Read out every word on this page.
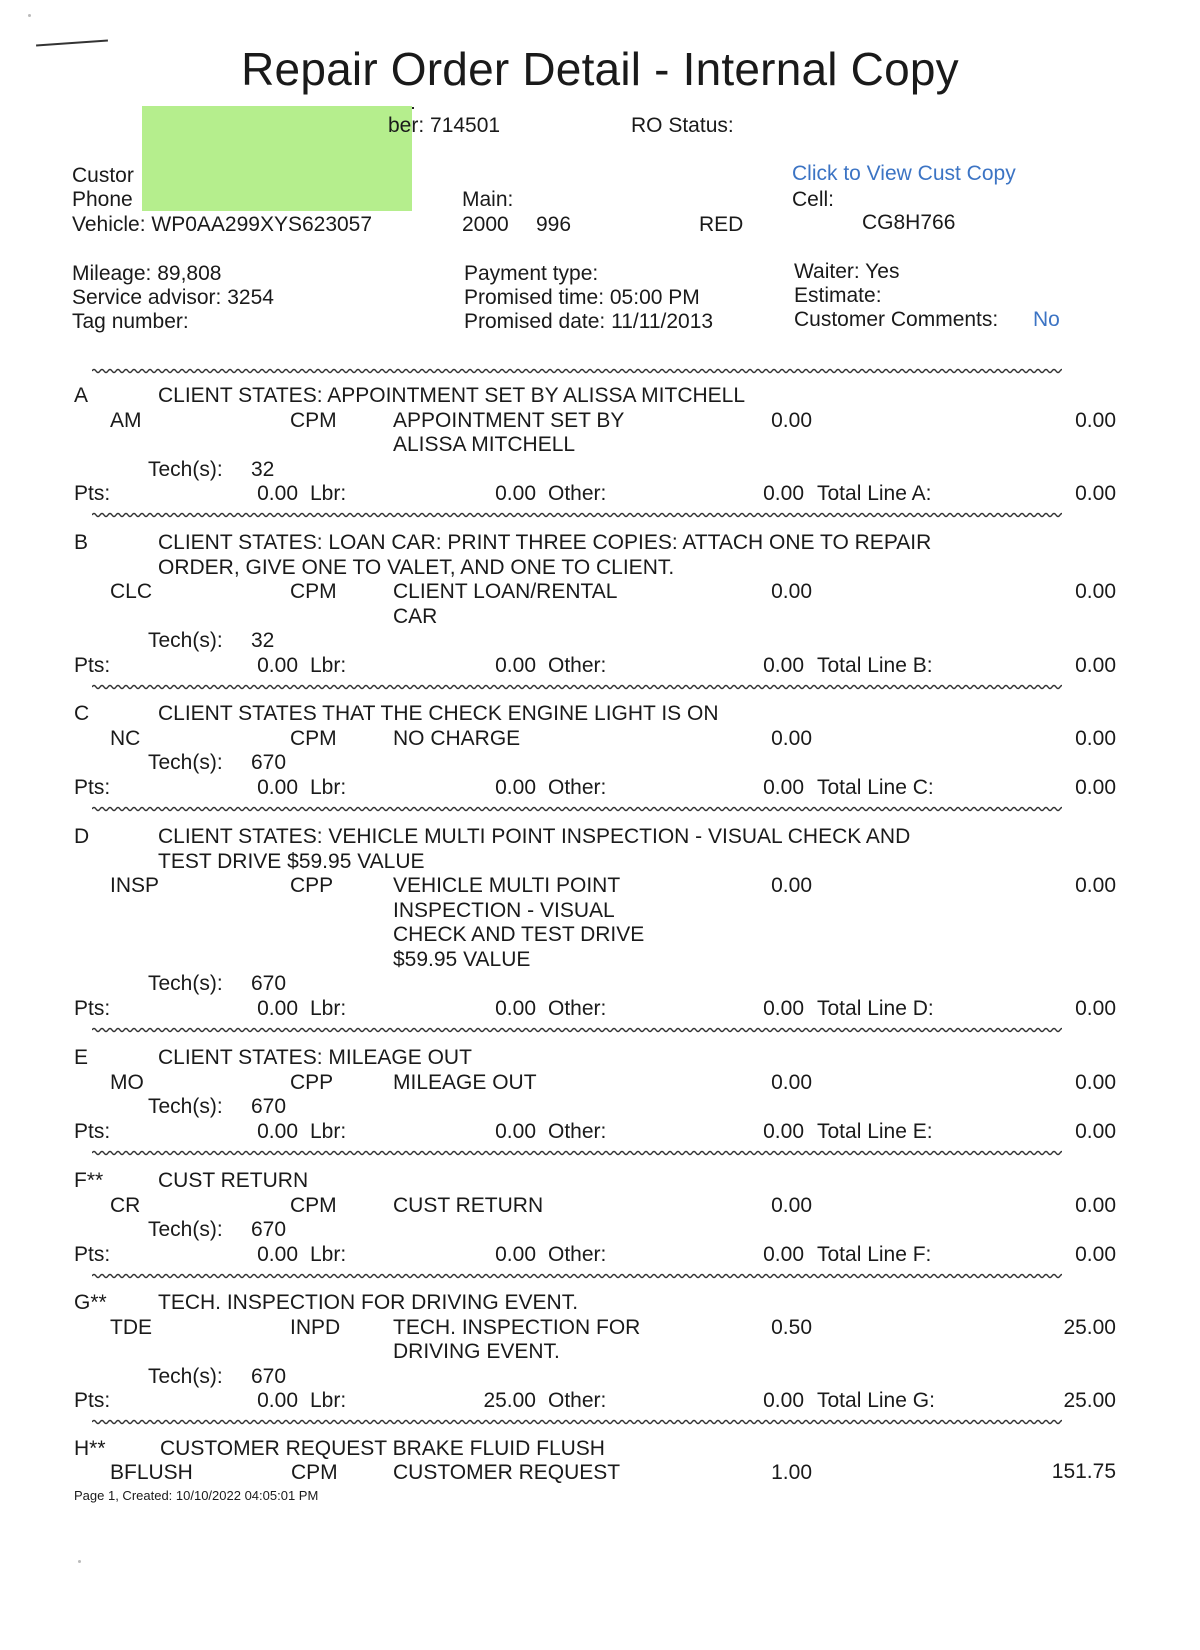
Repair Order Detail - Internal Copy
Custor
Phone
ber: 714501	RO Status:
Click to View Cust Copy
Main:	Cell:
Vehicle: WP0AA299XYS623057	2000 996	RED	CG8H766
Mileage: 89,808
Service advisor: 3254
Tag number:
Payment type:
Promised time: 05:00 PM
Promised date: 11/11/2013
Waiter: Yes
Estimate:
Customer Comments: No
A	CLIENT STATES: APPOINTMENT SET BY ALISSA MITCHELL
AM	CPM	APPOINTMENT SET BY
ALISSA MITCHELL
0.00	0.00
Tech(s): 32
Pts:	0.00 Lbr:	0.00 Other:	0.00 Total Line A:	0.00
B	CLIENT STATES: LOAN CAR: PRINT THREE COPIES: ATTACH ONE TO REPAIR
ORDER, GIVE ONE TO VALET, AND ONE TO CLIENT.
CLC	CPM	CLIENT LOAN/RENTAL
CAR
0.00	0.00
Tech(s): 32
Pts:	0.00 Lbr:	0.00 Other:	0.00 Total Line B:	0.00
C	CLIENT STATES THAT THE CHECK ENGINE LIGHT IS ON
NC	CPM	NO CHARGE	0.00	0.00
Tech(s): 670
Pts:	0.00 Lbr:	0.00 Other:	0.00 Total Line C:	0.00
D	CLIENT STATES: VEHICLE MULTI POINT INSPECTION - VISUAL CHECK AND
TEST DRIVE $59.95 VALUE
INSP	CPP	VEHICLE MULTI POINT
INSPECTION - VISUAL
CHECK AND TEST DRIVE
$59.95 VALUE
0.00	0.00
Tech(s): 670
Pts:	0.00 Lbr:	0.00 Other:	0.00 Total Line D:	0.00
E	CLIENT STATES: MILEAGE OUT
MO	CPP	MILEAGE OUT	0.00	0.00
Tech(s): 670
Pts:	0.00 Lbr:	0.00 Other:	0.00 Total Line E:	0.00
F**	CUST RETURN
CR	CPM	CUST RETURN	0.00	0.00
Tech(s): 670
Pts:	0.00 Lbr:	0.00 Other:	0.00 Total Line F:	0.00
G** TECH. INSPECTION FOR DRIVING EVENT.
TDE	INPD	TECH. INSPECTION FOR
DRIVING EVENT.
0.50	25.00
Tech(s): 670
Pts:	0.00 Lbr:	25.00 Other:	0.00 Total Line G:	25.00
H**	CUSTOMER REQUEST BRAKE FLUID FLUSH
BFLUSH	CPM	CUSTOMER REQUEST	1.00	151.75
Page 1, Created: 10/10/2022 04:05:01 PM
